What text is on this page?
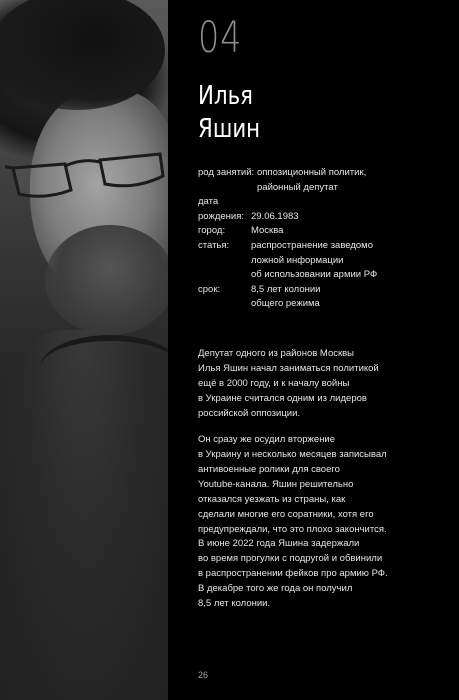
04
Илья
Яшин
род занятий: оппозиционный политик,
районный депутат
дата
рождения: 29.06.1983
город:	Москва
статья: распространение заведомо
ложной информации
об использовании армии РФ
срок:	8,5 лет колонии
общего режима
Депутат одного из районов Москвы
Илья Яшин начал заниматься политикой
ещё в 2000 году, и к началу войны
в Украине считался одним из лидеров
российской оппозиции.
Он сразу же осудил вторжение
в Украину и несколько месяцев записывал
антивоенные ролики для своего
Youtube-канала. Яшин решительно
отказался уезжать из страны, как
сделали многие его соратники, хотя его
предупреждали, что это плохо закончится.
В июне 2022 года Яшина задержали
во время прогулки с подругой и обвинили
в распространении фейков про армию РФ.
В декабре того же года он получил
8,5 лет колонии.
26
